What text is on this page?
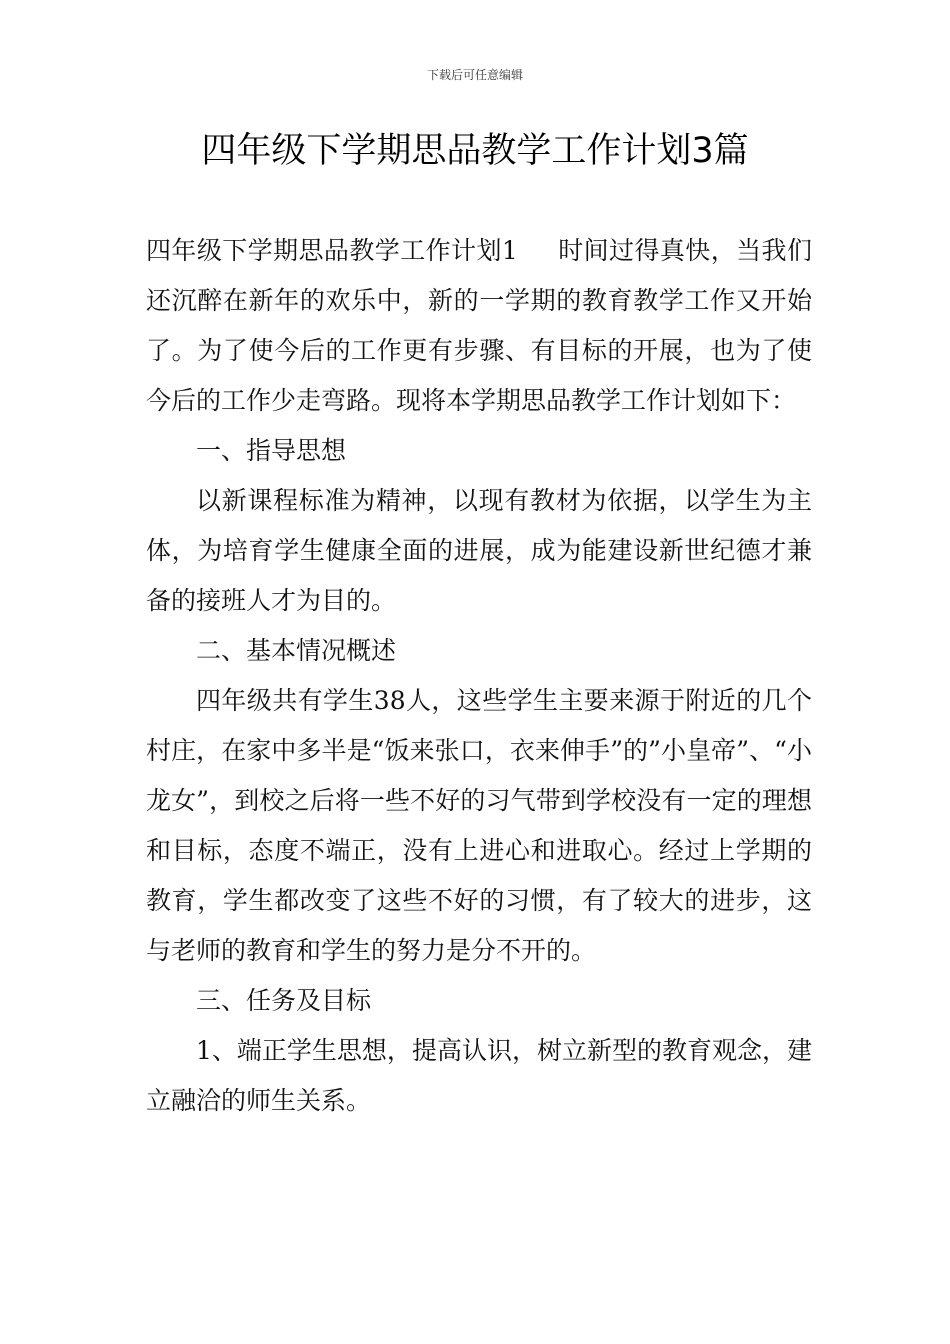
下载后可任意编辑
四年级下学期思品教学工作计划3篇

四年级下学期思品教学工作计划1 时间过得真快，当我们还沉醉在新年的欢乐中，新的一学期的教育教学工作又开始了。为了使今后的工作更有步骤、有目标的开展，也为了使今后的工作少走弯路。现将本学期思品教学工作计划如下：

一、指导思想

以新课程标准为精神，以现有教材为依据，以学生为主体，为培育学生健康全面的进展，成为能建设新世纪德才兼备的接班人才为目的。

二、基本情况概述

四年级共有学生38人，这些学生主要来源于附近的几个村庄，在家中多半是“饭来张口，衣来伸手”的”小皇帝”、“小龙女”，到校之后将一些不好的习气带到学校没有一定的理想和目标，态度不端正，没有上进心和进取心。经过上学期的教育，学生都改变了这些不好的习惯，有了较大的进步，这与老师的教育和学生的努力是分不开的。

三、任务及目标

1、端正学生思想，提高认识，树立新型的教育观念，建立融洽的师生关系。
